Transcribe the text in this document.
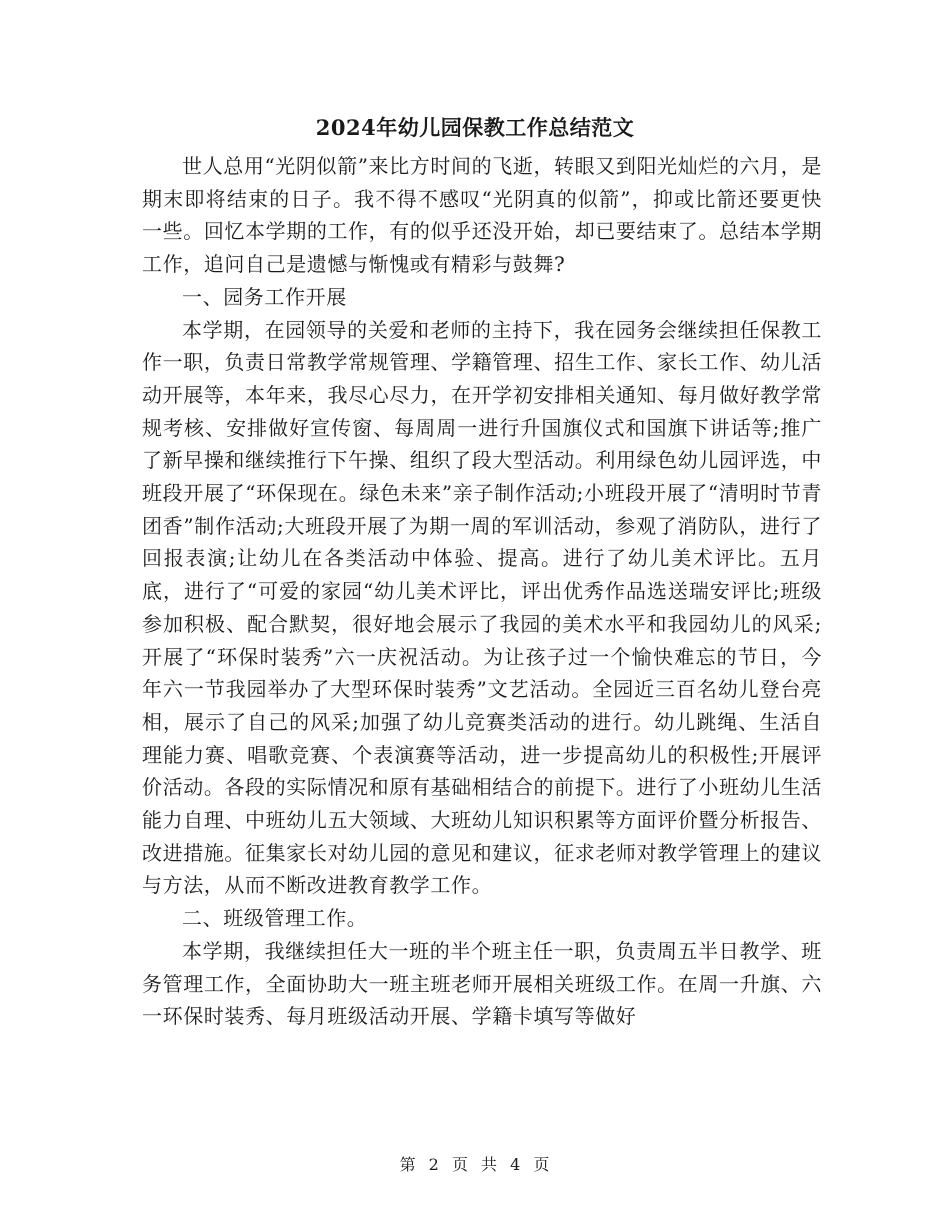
2024年幼儿园保教工作总结范文

世人总用“光阴似箭”来比方时间的飞逝，转眼又到阳光灿烂的六月，是期末即将结束的日子。我不得不感叹“光阴真的似箭”，抑或比箭还要更快一些。回忆本学期的工作，有的似乎还没开始，却已要结束了。总结本学期工作，追问自己是遗憾与惭愧或有精彩与鼓舞?

一、园务工作开展

本学期，在园领导的关爱和老师的主持下，我在园务会继续担任保教工作一职，负责日常教学常规管理、学籍管理、招生工作、家长工作、幼儿活动开展等，本年来，我尽心尽力，在开学初安排相关通知、每月做好教学常规考核、安排做好宣传窗、每周周一进行升国旗仪式和国旗下讲话等;推广了新早操和继续推行下午操、组织了段大型活动。利用绿色幼儿园评选，中班段开展了“环保现在。绿色未来”亲子制作活动;小班段开展了“清明时节青团香”制作活动;大班段开展了为期一周的军训活动，参观了消防队，进行了回报表演;让幼儿在各类活动中体验、提高。进行了幼儿美术评比。五月底，进行了“可爱的家园“幼儿美术评比，评出优秀作品选送瑞安评比;班级参加积极、配合默契，很好地会展示了我园的美术水平和我园幼儿的风采;开展了“环保时装秀”六一庆祝活动。为让孩子过一个愉快难忘的节日，今年六一节我园举办了大型环保时装秀”文艺活动。全园近三百名幼儿登台亮相，展示了自己的风采;加强了幼儿竞赛类活动的进行。幼儿跳绳、生活自理能力赛、唱歌竞赛、个表演赛等活动，进一步提高幼儿的积极性;开展评价活动。各段的实际情况和原有基础相结合的前提下。进行了小班幼儿生活能力自理、中班幼儿五大领域、大班幼儿知识积累等方面评价暨分析报告、改进措施。征集家长对幼儿园的意见和建议，征求老师对教学管理上的建议与方法，从而不断改进教育教学工作。

二、班级管理工作。

本学期，我继续担任大一班的半个班主任一职，负责周五半日教学、班务管理工作，全面协助大一班主班老师开展相关班级工作。在周一升旗、六一环保时装秀、每月班级活动开展、学籍卡填写等做好

第 2 页 共 4 页
